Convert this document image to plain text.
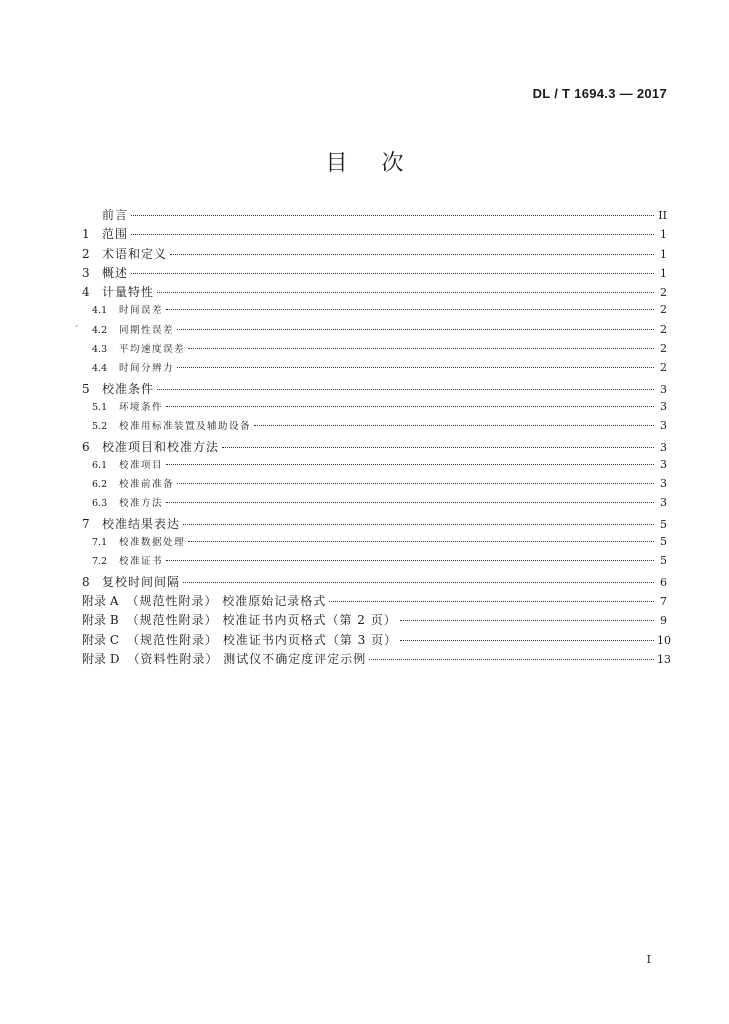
DL / T 1694.3 — 2017
目次
ˊ
前言	II
1	范围	1
2	术语和定义	1
3	概述	1
4	计量特性	2
4.1	时间误差	2
4.2	同期性误差	2
4.3	平均速度误差	2
4.4	时间分辨力	2
5	校准条件	3
5.1	环境条件	3
5.2	校准用标准装置及辅助设备	3
6	校准项目和校准方法	3
6.1	校准项目	3
6.2	校准前准备	3
6.3	校准方法	3
7	校准结果表达	5
7.1	校准数据处理	5
7.2	校准证书	5
8	复校时间间隔	6
附录 A （规范性附录） 校准原始记录格式	7
附录 B （规范性附录） 校准证书内页格式（第 2 页）	9
附录 C （规范性附录） 校准证书内页格式（第 3 页）	10
附录 D （资料性附录） 测试仪不确定度评定示例	13
I
